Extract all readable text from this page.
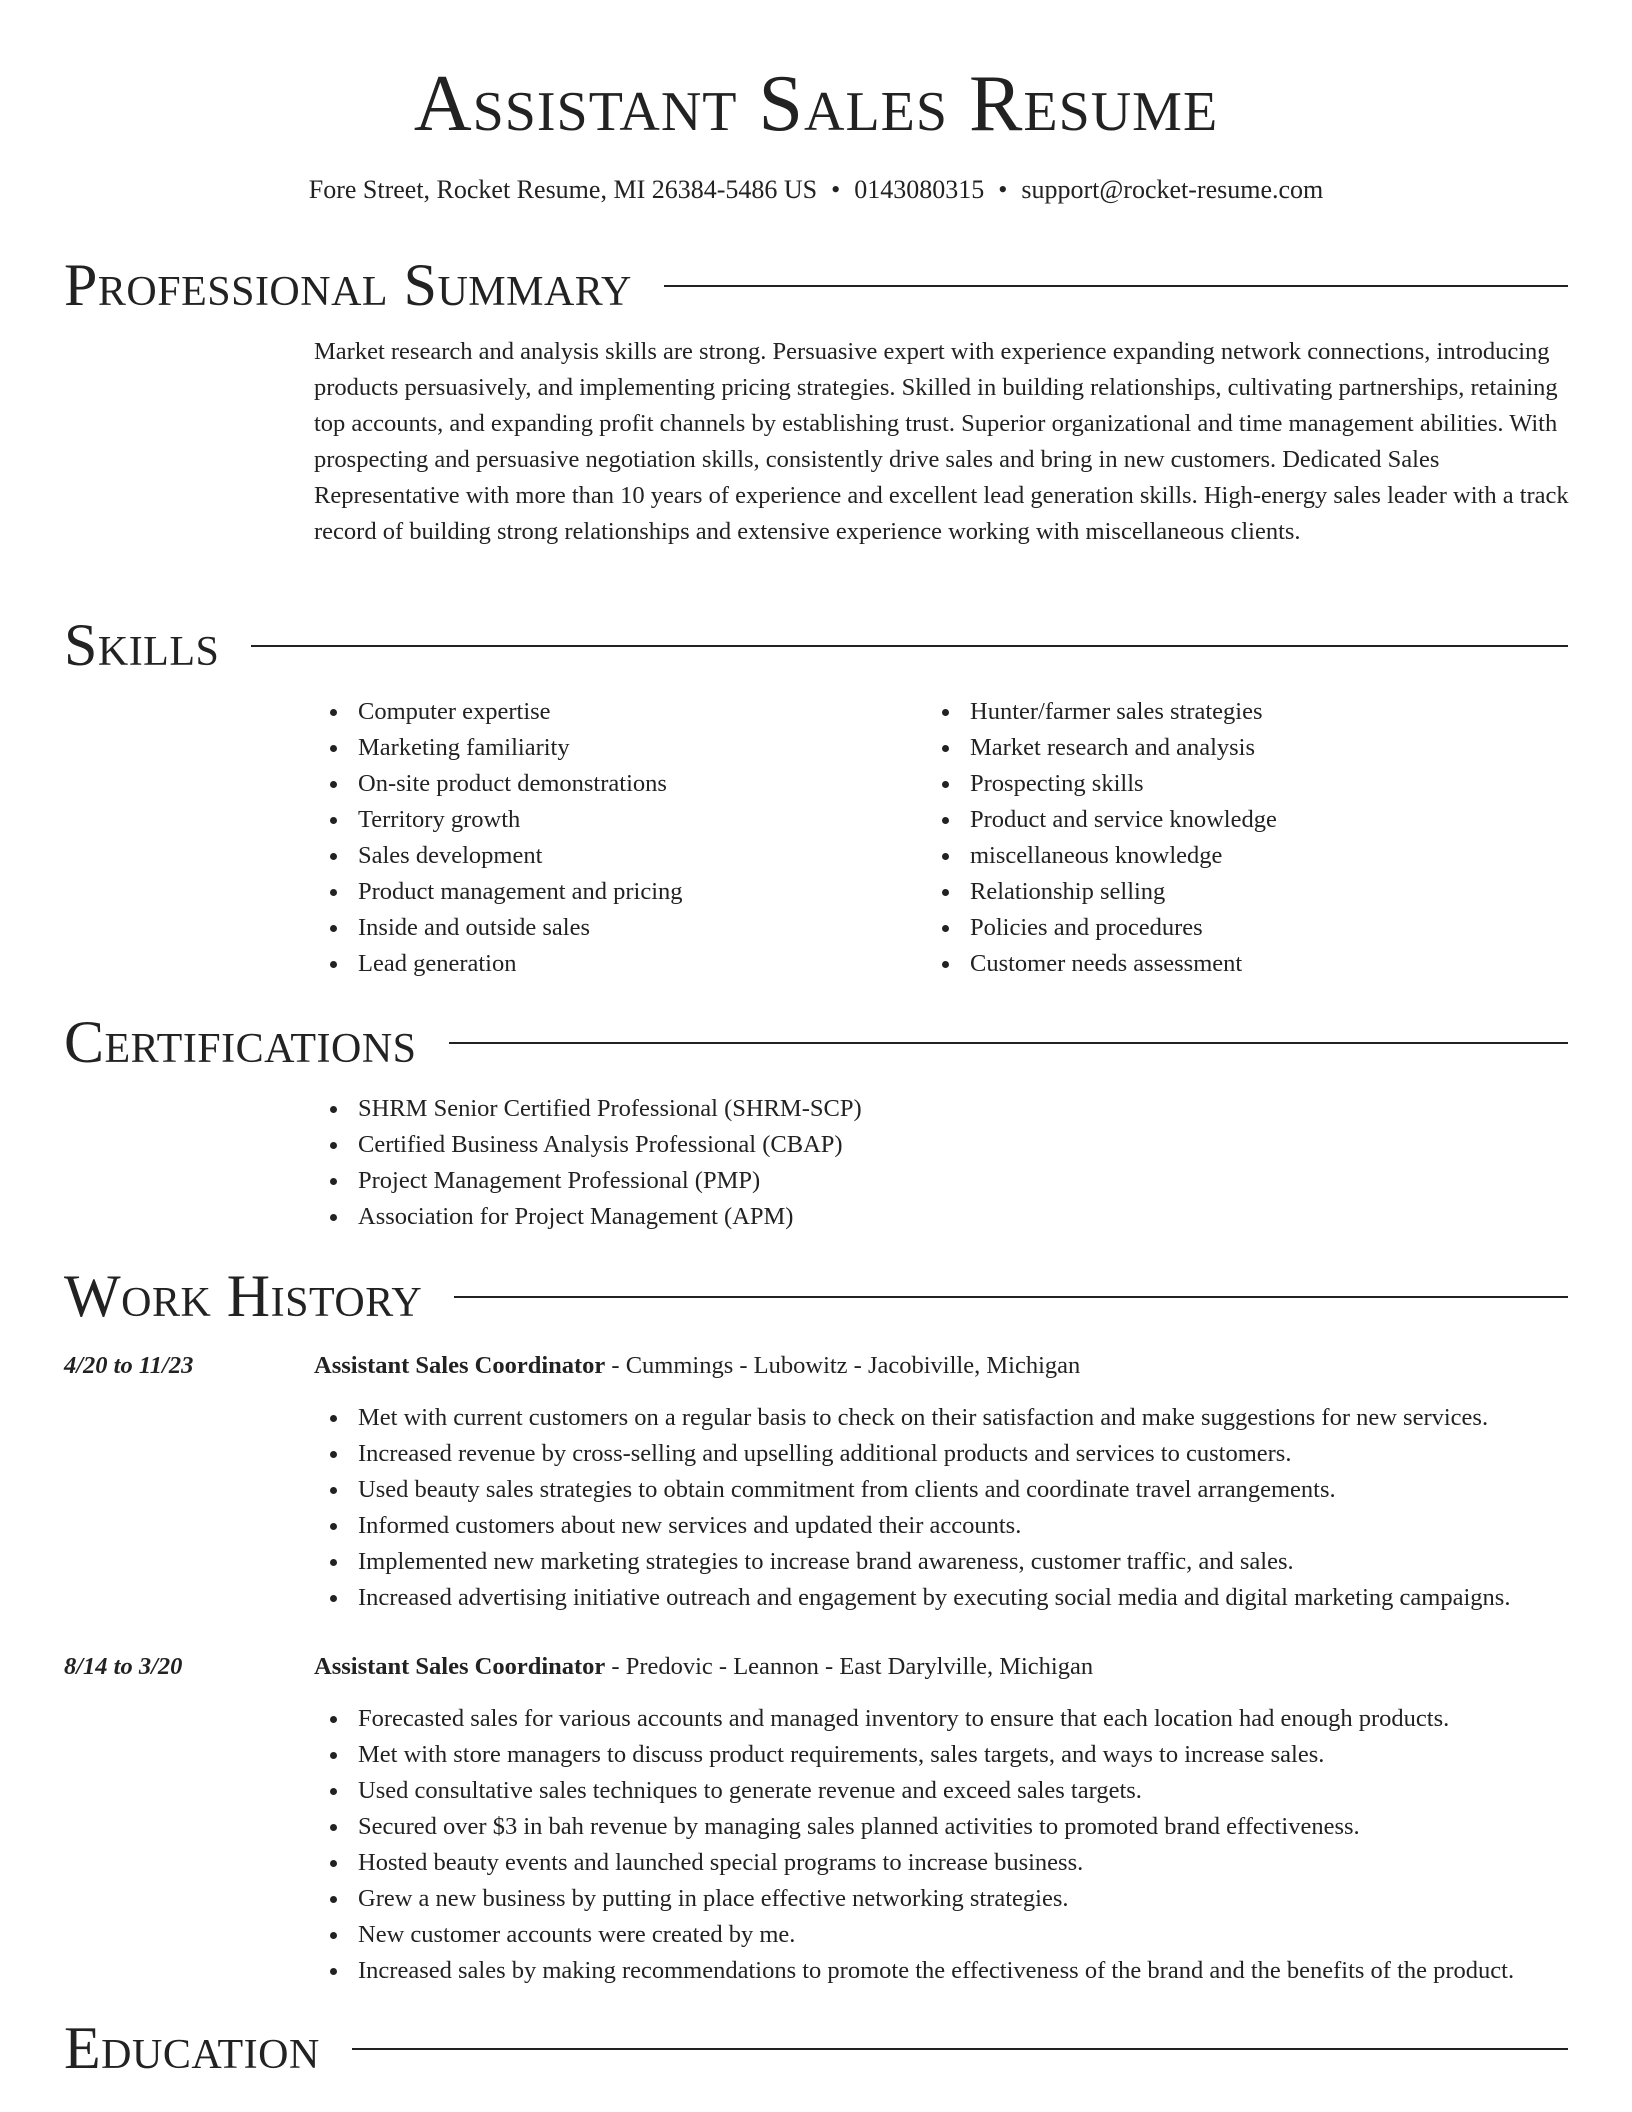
Assistant Sales Resume
Fore Street, Rocket Resume, MI 26384-5486 US • 0143080315 • support@rocket-resume.com
Professional Summary

Market research and analysis skills are strong. Persuasive expert with experience expanding network connections, introducing products persuasively, and implementing pricing strategies. Skilled in building relationships, cultivating partnerships, retaining top accounts, and expanding profit channels by establishing trust. Superior organizational and time management abilities. With prospecting and persuasive negotiation skills, consistently drive sales and bring in new customers. Dedicated Sales Representative with more than 10 years of experience and excellent lead generation skills. High-energy sales leader with a track record of building strong relationships and extensive experience working with miscellaneous clients.

Skills
Computer expertise
Marketing familiarity
On-site product demonstrations
Territory growth
Sales development
Product management and pricing
Inside and outside sales
Lead generation
Hunter/farmer sales strategies
Market research and analysis
Prospecting skills
Product and service knowledge
miscellaneous knowledge
Relationship selling
Policies and procedures
Customer needs assessment
Certifications
SHRM Senior Certified Professional (SHRM-SCP)
Certified Business Analysis Professional (CBAP)
Project Management Professional (PMP)
Association for Project Management (APM)
Work History
4/20 to 11/23	Assistant Sales Coordinator - Cummings - Lubowitz - Jacobiville, Michigan
Met with current customers on a regular basis to check on their satisfaction and make suggestions for new services.
Increased revenue by cross-selling and upselling additional products and services to customers.
Used beauty sales strategies to obtain commitment from clients and coordinate travel arrangements.
Informed customers about new services and updated their accounts.
Implemented new marketing strategies to increase brand awareness, customer traffic, and sales.
Increased advertising initiative outreach and engagement by executing social media and digital marketing campaigns.
8/14 to 3/20	Assistant Sales Coordinator - Predovic - Leannon - East Darylville, Michigan
Forecasted sales for various accounts and managed inventory to ensure that each location had enough products.
Met with store managers to discuss product requirements, sales targets, and ways to increase sales.
Used consultative sales techniques to generate revenue and exceed sales targets.
Secured over $3 in bah revenue by managing sales planned activities to promoted brand effectiveness.
Hosted beauty events and launched special programs to increase business.
Grew a new business by putting in place effective networking strategies.
New customer accounts were created by me.
Increased sales by making recommendations to promote the effectiveness of the brand and the benefits of the product.
Education
